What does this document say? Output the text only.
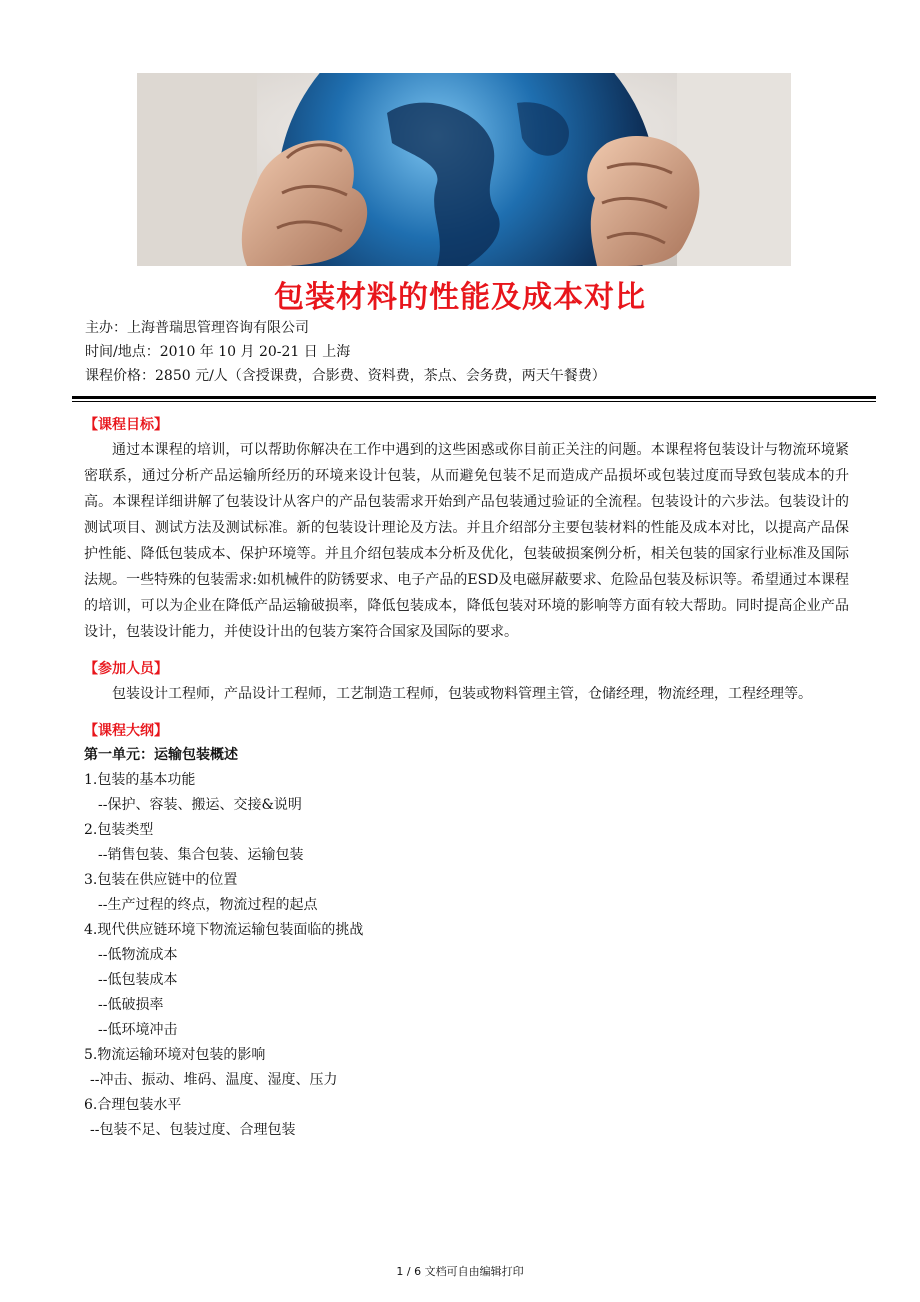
包装材料的性能及成本对比
主办：上海普瑞思管理咨询有限公司
时间/地点：2010 年 10 月 20-21 日 上海
课程价格：2850 元/人（含授课费，合影费、资料费，茶点、会务费，两天午餐费）
【课程目标】

通过本课程的培训，可以帮助你解决在工作中遇到的这些困惑或你目前正关注的问题。本课程将包装设计与物流环境紧密联系，通过分析产品运输所经历的环境来设计包装，从而避免包装不足而造成产品损坏或包装过度而导致包装成本的升高。本课程详细讲解了包装设计从客户的产品包装需求开始到产品包装通过验证的全流程。包装设计的六步法。包装设计的测试项目、测试方法及测试标准。新的包装设计理论及方法。并且介绍部分主要包装材料的性能及成本对比，以提高产品保护性能、降低包装成本、保护环境等。并且介绍包装成本分析及优化，包装破损案例分析，相关包装的国家行业标准及国际法规。一些特殊的包装需求:如机械件的防锈要求、电子产品的ESD及电磁屏蔽要求、危险品包装及标识等。希望通过本课程的培训，可以为企业在降低产品运输破损率，降低包装成本，降低包装对环境的影响等方面有较大帮助。同时提高企业产品设计，包装设计能力，并使设计出的包装方案符合国家及国际的要求。

【参加人员】

包装设计工程师，产品设计工程师，工艺制造工程师，包装或物料管理主管，仓储经理，物流经理，工程经理等。

【课程大纲】
第一单元：运输包装概述
1.包装的基本功能
--保护、容装、搬运、交接&说明
2.包装类型
--销售包装、集合包装、运输包装
3.包装在供应链中的位置
--生产过程的终点，物流过程的起点
4.现代供应链环境下物流运输包装面临的挑战
--低物流成本
--低包装成本
--低破损率
--低环境冲击
5.物流运输环境对包装的影响
--冲击、振动、堆码、温度、湿度、压力
6.合理包装水平
--包装不足、包装过度、合理包装
1 / 6 文档可自由编辑打印
